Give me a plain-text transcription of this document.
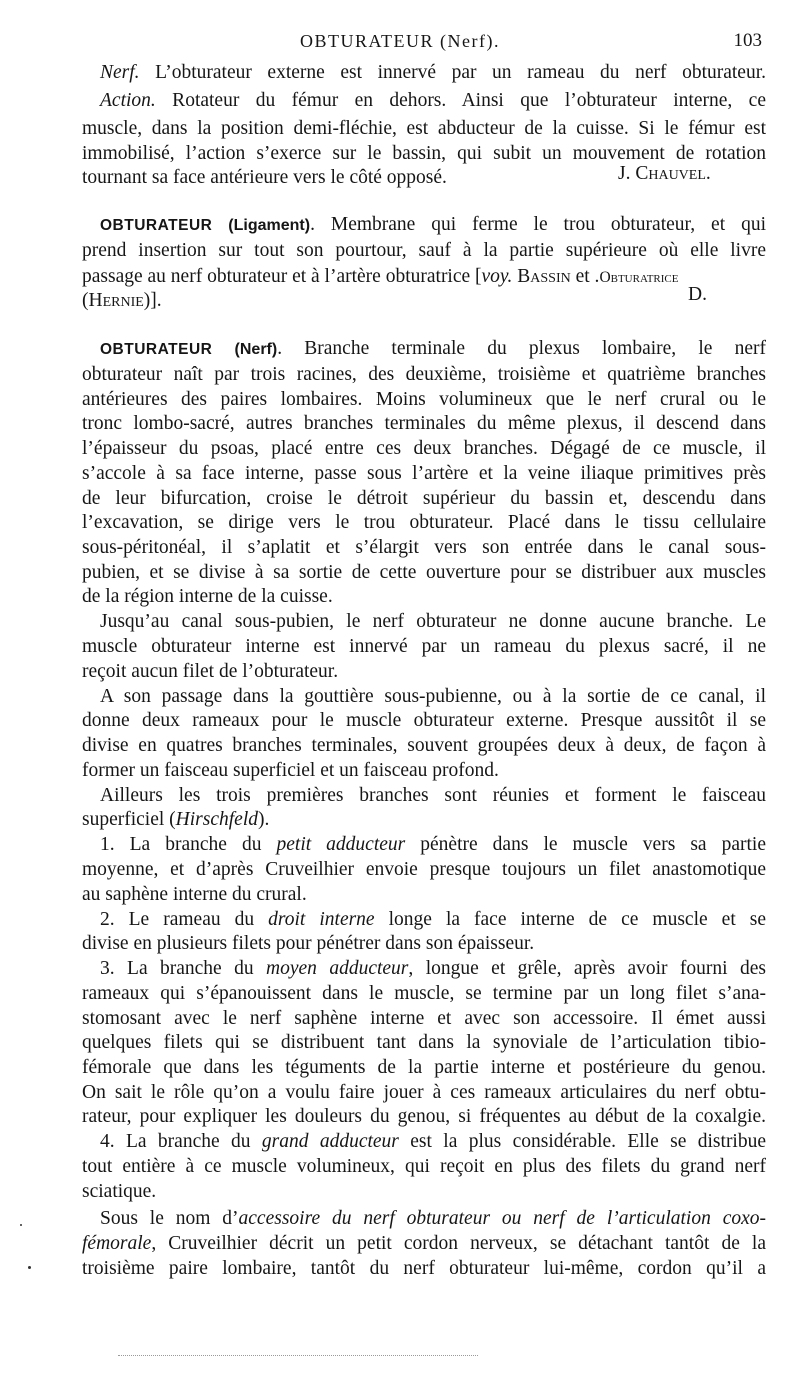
OBTURATEUR (Nerf).	103
Nerf. L’obturateur externe est innervé par un rameau du nerf obturateur.
Action. Rotateur du fémur en dehors. Ainsi que l’obturateur interne, ce
muscle, dans la position demi-fléchie, est abducteur de la cuisse. Si le fémur est
immobilisé, l’action s’exerce sur le bassin, qui subit un mouvement de rotation
tournant sa face antérieure vers le côté opposé.	J. Chauvel.
OBTURATEUR (Ligament). Membrane qui ferme le trou obturateur, et qui
prend insertion sur tout son pourtour, sauf à la partie supérieure où elle livre
passage au nerf obturateur et à l’artère obturatrice [voy. Bassin et .Obturatrice
(Hernie)].	D.
OBTURATEUR (Nerf). Branche terminale du plexus lombaire, le nerf
obturateur naît par trois racines, des deuxième, troisième et quatrième branches
antérieures des paires lombaires. Moins volumineux que le nerf crural ou le
tronc lombo-sacré, autres branches terminales du même plexus, il descend dans
l’épaisseur du psoas, placé entre ces deux branches. Dégagé de ce muscle, il
s’accole à sa face interne, passe sous l’artère et la veine iliaque primitives près
de leur bifurcation, croise le détroit supérieur du bassin et, descendu dans
l’excavation, se dirige vers le trou obturateur. Placé dans le tissu cellulaire
sous-péritonéal, il s’aplatit et s’élargit vers son entrée dans le canal sous-
pubien, et se divise à sa sortie de cette ouverture pour se distribuer aux muscles
de la région interne de la cuisse.
Jusqu’au canal sous-pubien, le nerf obturateur ne donne aucune branche. Le
muscle obturateur interne est innervé par un rameau du plexus sacré, il ne
reçoit aucun filet de l’obturateur.
A son passage dans la gouttière sous-pubienne, ou à la sortie de ce canal, il
donne deux rameaux pour le muscle obturateur externe. Presque aussitôt il se
divise en quatres branches terminales, souvent groupées deux à deux, de façon à
former un faisceau superficiel et un faisceau profond.
Ailleurs les trois premières branches sont réunies et forment le faisceau
superficiel (Hirschfeld).
1. La branche du petit adducteur pénètre dans le muscle vers sa partie
moyenne, et d’après Cruveilhier envoie presque toujours un filet anastomotique
au saphène interne du crural.
2. Le rameau du droit interne longe la face interne de ce muscle et se
divise en plusieurs filets pour pénétrer dans son épaisseur.
3. La branche du moyen adducteur, longue et grêle, après avoir fourni des
rameaux qui s’épanouissent dans le muscle, se termine par un long filet s’ana-
stomosant avec le nerf saphène interne et avec son accessoire. Il émet aussi
quelques filets qui se distribuent tant dans la synoviale de l’articulation tibio-
fémorale que dans les téguments de la partie interne et postérieure du genou.
On sait le rôle qu’on a voulu faire jouer à ces rameaux articulaires du nerf obtu-
rateur, pour expliquer les douleurs du genou, si fréquentes au début de la coxalgie.
4. La branche du grand adducteur est la plus considérable. Elle se distribue
tout entière à ce muscle volumineux, qui reçoit en plus des filets du grand nerf
sciatique.
Sous le nom d’accessoire du nerf obturateur ou nerf de l’articulation coxo-
fémorale, Cruveilhier décrit un petit cordon nerveux, se détachant tantôt de la
troisième paire lombaire, tantôt du nerf obturateur lui-même, cordon qu’il a
